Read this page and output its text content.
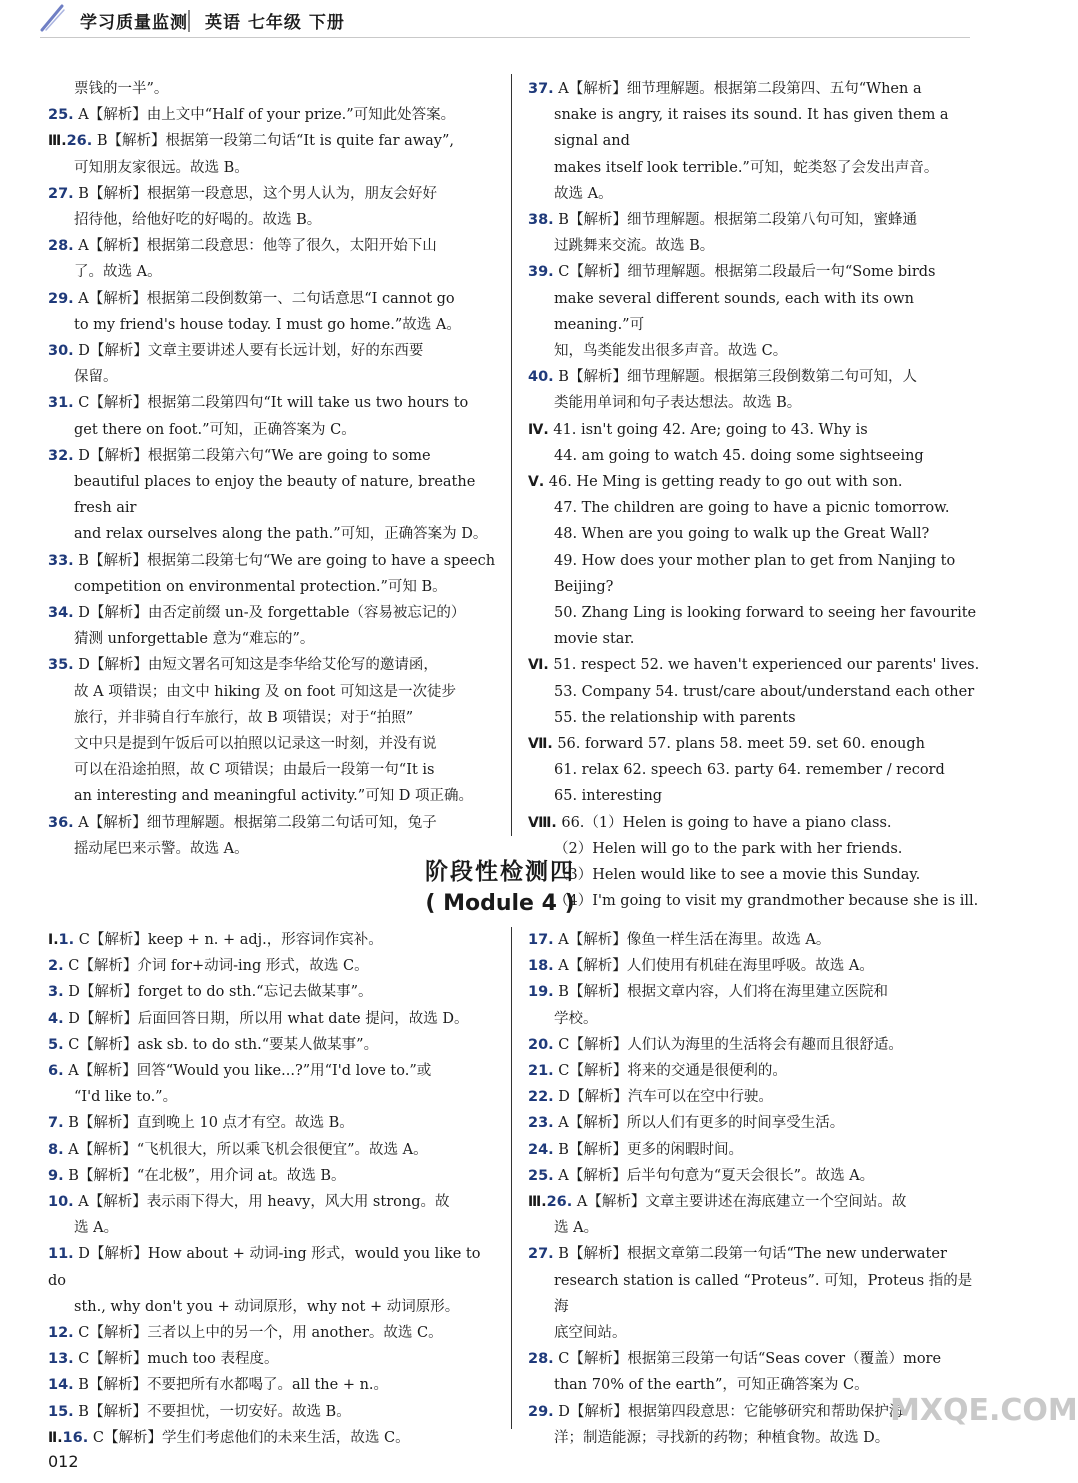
学习质量监测 英语 七年级 下册

票钱的一半”。

25. A【解析】由上文中“Half of your prize.”可知此处答案。

Ⅲ.26. B【解析】根据第一段第二句话“It is quite far away”,

可知朋友家很远。故选 B。

27. B【解析】根据第一段意思，这个男人认为，朋友会好好

招待他，给他好吃的好喝的。故选 B。

28. A【解析】根据第二段意思：他等了很久，太阳开始下山

了。故选 A。

29. A【解析】根据第二段倒数第一、二句话意思“I cannot go

to my friend's house today. I must go home.”故选 A。

30. D【解析】文章主要讲述人要有长远计划，好的东西要

保留。

31. C【解析】根据第二段第四句“It will take us two hours to

get there on foot.”可知，正确答案为 C。

32. D【解析】根据第二段第六句“We are going to some

beautiful places to enjoy the beauty of nature, breathe fresh air

and relax ourselves along the path.”可知，正确答案为 D。

33. B【解析】根据第二段第七句“We are going to have a speech

competition on environmental protection.”可知 B。

34. D【解析】由否定前缀 un-及 forgettable（容易被忘记的）

猜测 unforgettable 意为“难忘的”。

35. D【解析】由短文署名可知这是李华给艾伦写的邀请函，

故 A 项错误；由文中 hiking 及 on foot 可知这是一次徒步

旅行，并非骑自行车旅行，故 B 项错误；对于“拍照”

文中只是提到午饭后可以拍照以记录这一时刻，并没有说

可以在沿途拍照，故 C 项错误；由最后一段第一句“It is

an interesting and meaningful activity.”可知 D 项正确。

36. A【解析】细节理解题。根据第二段第二句话可知，兔子

摇动尾巴来示警。故选 A。

37. A【解析】细节理解题。根据第二段第四、五句“When a

snake is angry, it raises its sound. It has given them a signal and

makes itself look terrible.”可知，蛇类怒了会发出声音。

故选 A。

38. B【解析】细节理解题。根据第二段第八句可知，蜜蜂通

过跳舞来交流。故选 B。

39. C【解析】细节理解题。根据第二段最后一句“Some birds

make several different sounds, each with its own meaning.”可

知，鸟类能发出很多声音。故选 C。

40. B【解析】细节理解题。根据第三段倒数第二句可知，人

类能用单词和句子表达想法。故选 B。

Ⅳ. 41. isn't going 42. Are; going to 43. Why is

44. am going to watch 45. doing some sightseeing

Ⅴ. 46. He Ming is getting ready to go out with son.

47. The children are going to have a picnic tomorrow.

48. When are you going to walk up the Great Wall?

49. How does your mother plan to get from Nanjing to Beijing?

50. Zhang Ling is looking forward to seeing her favourite movie star.

Ⅵ. 51. respect 52. we haven't experienced our parents' lives.

53. Company 54. trust/care about/understand each other

55. the relationship with parents

Ⅶ. 56. forward 57. plans 58. meet 59. set 60. enough

61. relax 62. speech 63. party 64. remember / record

65. interesting

Ⅷ. 66.（1）Helen is going to have a piano class.

（2）Helen will go to the park with her friends.

（3）Helen would like to see a movie this Sunday.

（4）I'm going to visit my grandmother because she is ill.

阶段性检测四
( Module 4 )

Ⅰ.1. C【解析】keep + n. + adj.，形容词作宾补。

2. C【解析】介词 for+动词-ing 形式，故选 C。

3. D【解析】forget to do sth.“忘记去做某事”。

4. D【解析】后面回答日期，所以用 what date 提问，故选 D。

5. C【解析】ask sb. to do sth.“要某人做某事”。

6. A【解析】回答“Would you like...?”用“I'd love to.”或

“I'd like to.”。

7. B【解析】直到晚上 10 点才有空。故选 B。

8. A【解析】“飞机很大，所以乘飞机会很便宜”。故选 A。

9. B【解析】“在北极”，用介词 at。故选 B。

10. A【解析】表示雨下得大，用 heavy，风大用 strong。故

选 A。

11. D【解析】How about + 动词-ing 形式，would you like to do

sth., why don't you + 动词原形，why not + 动词原形。

12. C【解析】三者以上中的另一个，用 another。故选 C。

13. C【解析】much too 表程度。

14. B【解析】不要把所有水都喝了。all the + n.。

15. B【解析】不要担忧，一切安好。故选 B。

Ⅱ.16. C【解析】学生们考虑他们的未来生活，故选 C。

17. A【解析】像鱼一样生活在海里。故选 A。

18. A【解析】人们使用有机硅在海里呼吸。故选 A。

19. B【解析】根据文章内容，人们将在海里建立医院和

学校。

20. C【解析】人们认为海里的生活将会有趣而且很舒适。

21. C【解析】将来的交通是很便利的。

22. D【解析】汽车可以在空中行驶。

23. A【解析】所以人们有更多的时间享受生活。

24. B【解析】更多的闲暇时间。

25. A【解析】后半句句意为“夏天会很长”。故选 A。

Ⅲ.26. A【解析】文章主要讲述在海底建立一个空间站。故

选 A。

27. B【解析】根据文章第二段第一句话“The new underwater

research station is called “Proteus”. 可知，Proteus 指的是海

底空间站。

28. C【解析】根据第三段第一句话“Seas cover（覆盖）more

than 70% of the earth”，可知正确答案为 C。

29. D【解析】根据第四段意思：它能够研究和帮助保护海

洋；制造能源；寻找新的药物；种植食物。故选 D。

012
MXQE.COM
